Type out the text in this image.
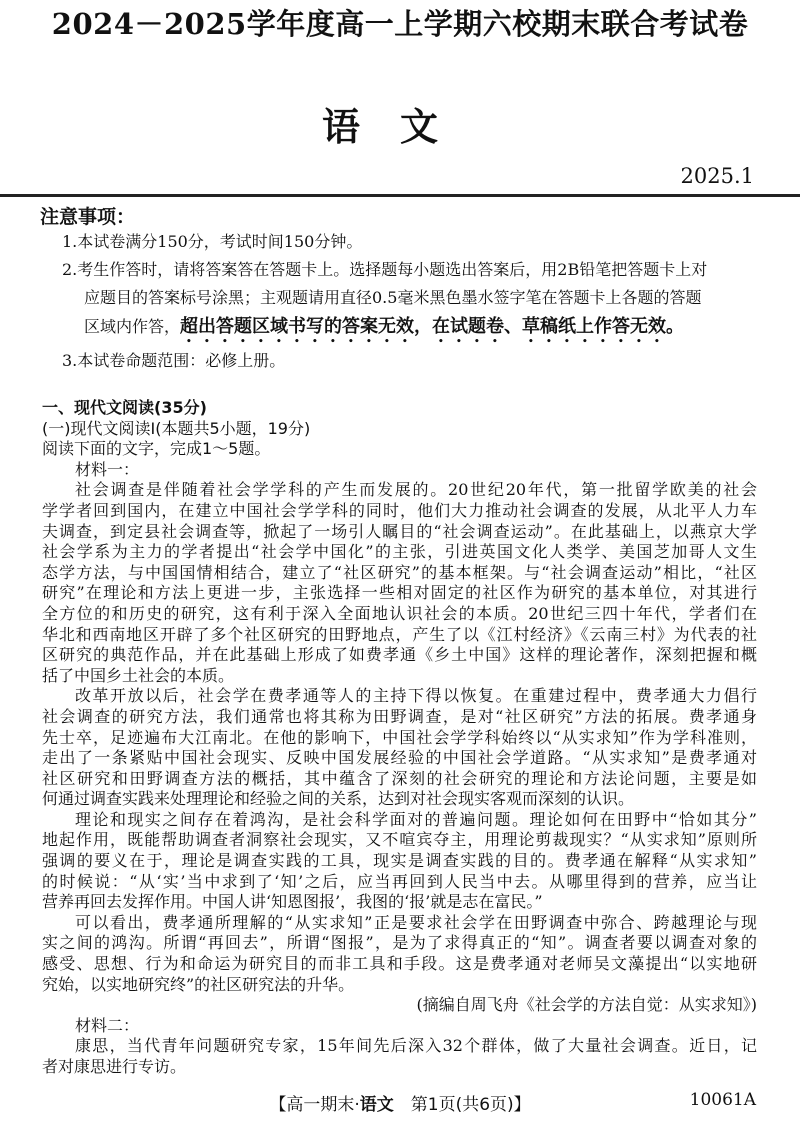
2024－2025学年度高一上学期六校期末联合考试卷
语文
2025.1
注意事项：
1.本试卷满分150分，考试时间150分钟。
2.考生作答时，请将答案答在答题卡上。选择题每小题选出答案后，用2B铅笔把答题卡上对
应题目的答案标号涂黑；主观题请用直径0.5毫米黑色墨水签字笔在答题卡上各题的答题
区域内作答，超出答题区域书写的答案无效，在试题卷、草稿纸上作答无效。
3.本试卷命题范围：必修上册。
一、现代文阅读(35分)
(一)现代文阅读Ⅰ(本题共5小题，19分)
阅读下面的文字，完成1～5题。
材料一：
社会调查是伴随着社会学学科的产生而发展的。20世纪20年代，第一批留学欧美的社会
学学者回到国内，在建立中国社会学学科的同时，他们大力推动社会调查的发展，从北平人力车
夫调查，到定县社会调查等，掀起了一场引人瞩目的“社会调查运动”。在此基础上，以燕京大学
社会学系为主力的学者提出“社会学中国化”的主张，引进英国文化人类学、美国芝加哥人文生
态学方法，与中国国情相结合，建立了“社区研究”的基本框架。与“社会调查运动”相比，“社区
研究”在理论和方法上更进一步，主张选择一些相对固定的社区作为研究的基本单位，对其进行
全方位的和历史的研究，这有利于深入全面地认识社会的本质。20世纪三四十年代，学者们在
华北和西南地区开辟了多个社区研究的田野地点，产生了以《江村经济》《云南三村》为代表的社
区研究的典范作品，并在此基础上形成了如费孝通《乡土中国》这样的理论著作，深刻把握和概
括了中国乡土社会的本质。
改革开放以后，社会学在费孝通等人的主持下得以恢复。在重建过程中，费孝通大力倡行
社会调查的研究方法，我们通常也将其称为田野调查，是对“社区研究”方法的拓展。费孝通身
先士卒，足迹遍布大江南北。在他的影响下，中国社会学学科始终以“从实求知”作为学科准则，
走出了一条紧贴中国社会现实、反映中国发展经验的中国社会学道路。“从实求知”是费孝通对
社区研究和田野调查方法的概括，其中蕴含了深刻的社会研究的理论和方法论问题，主要是如
何通过调查实践来处理理论和经验之间的关系，达到对社会现实客观而深刻的认识。
理论和现实之间存在着鸿沟，是社会科学面对的普遍问题。理论如何在田野中“恰如其分”
地起作用，既能帮助调查者洞察社会现实，又不喧宾夺主，用理论剪裁现实？“从实求知”原则所
强调的要义在于，理论是调查实践的工具，现实是调查实践的目的。费孝通在解释“从实求知”
的时候说：“从‘实’当中求到了‘知’之后，应当再回到人民当中去。从哪里得到的营养，应当让
营养再回去发挥作用。中国人讲‘知恩图报’，我图的‘报’就是志在富民。”
可以看出，费孝通所理解的“从实求知”正是要求社会学在田野调查中弥合、跨越理论与现
实之间的鸿沟。所谓“再回去”，所谓“图报”，是为了求得真正的“知”。调查者要以调查对象的
感受、思想、行为和命运为研究目的而非工具和手段。这是费孝通对老师吴文藻提出“以实地研
究始，以实地研究终”的社区研究法的升华。
(摘编自周飞舟《社会学的方法自觉：从实求知》)
材料二：
康思，当代青年问题研究专家，15年间先后深入32个群体，做了大量社会调查。近日，记
者对康思进行专访。
【高一期末·语文　第1页(共6页)】	10061A
